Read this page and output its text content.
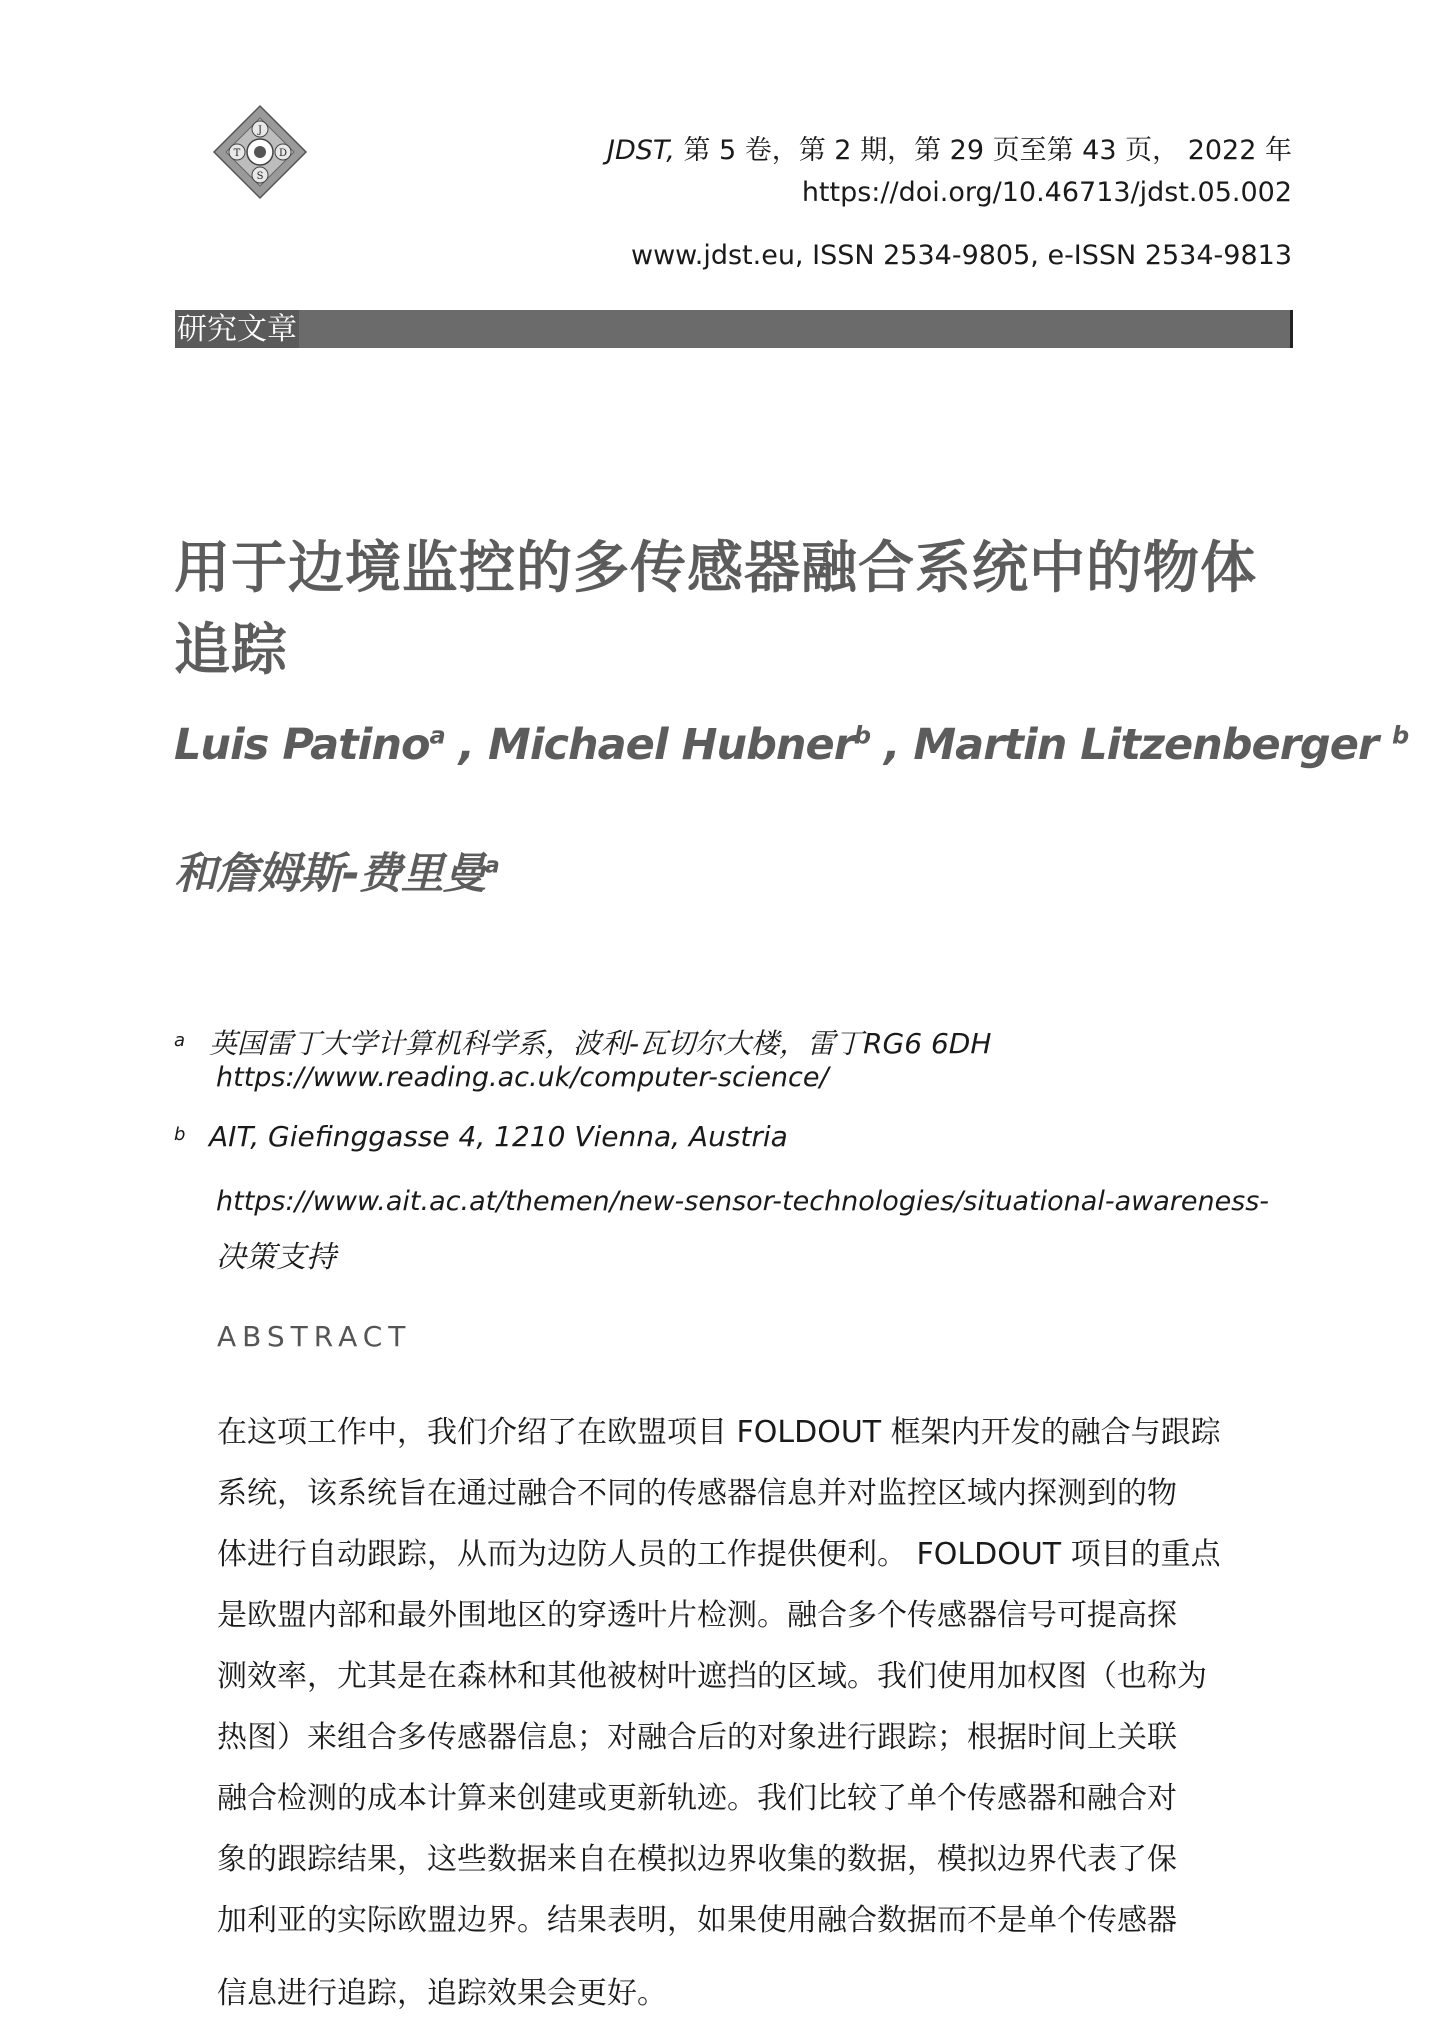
J
T	D
S
JDST, 第 5 卷，第 2 期，第 29 页至第 43 页， 2022 年
https://doi.org/10.46713/jdst.05.002
www.jdst.eu, ISSN 2534-9805, e-ISSN 2534-9813
研究文章
用于边境监控的多传感器融合系统中的物体追踪
Luis Patino$^a$ , Michael Hubner$^b$ , Martin Litzenberger $^b$
和詹姆斯-费里曼$^a$
a 英国雷丁大学计算机科学系，波利-瓦切尔大楼，雷丁RG6 6DH
https://www.reading.ac.uk/computer-science/
b AIT, Giefinggasse 4, 1210 Vienna, Austria
https://www.ait.ac.at/themen/new-sensor-technologies/situational-awareness-
决策支持
ABSTRACT
在这项工作中，我们介绍了在欧盟项目 FOLDOUT 框架内开发的融合与跟踪
系统，该系统旨在通过融合不同的传感器信息并对监控区域内探测到的物
体进行自动跟踪，从而为边防人员的工作提供便利。 FOLDOUT 项目的重点
是欧盟内部和最外围地区的穿透叶片检测。融合多个传感器信号可提高探
测效率，尤其是在森林和其他被树叶遮挡的区域。我们使用加权图（也称为
热图）来组合多传感器信息；对融合后的对象进行跟踪；根据时间上关联
融合检测的成本计算来创建或更新轨迹。我们比较了单个传感器和融合对
象的跟踪结果，这些数据来自在模拟边界收集的数据，模拟边界代表了保
加利亚的实际欧盟边界。结果表明，如果使用融合数据而不是单个传感器
信息进行追踪，追踪效果会更好。
